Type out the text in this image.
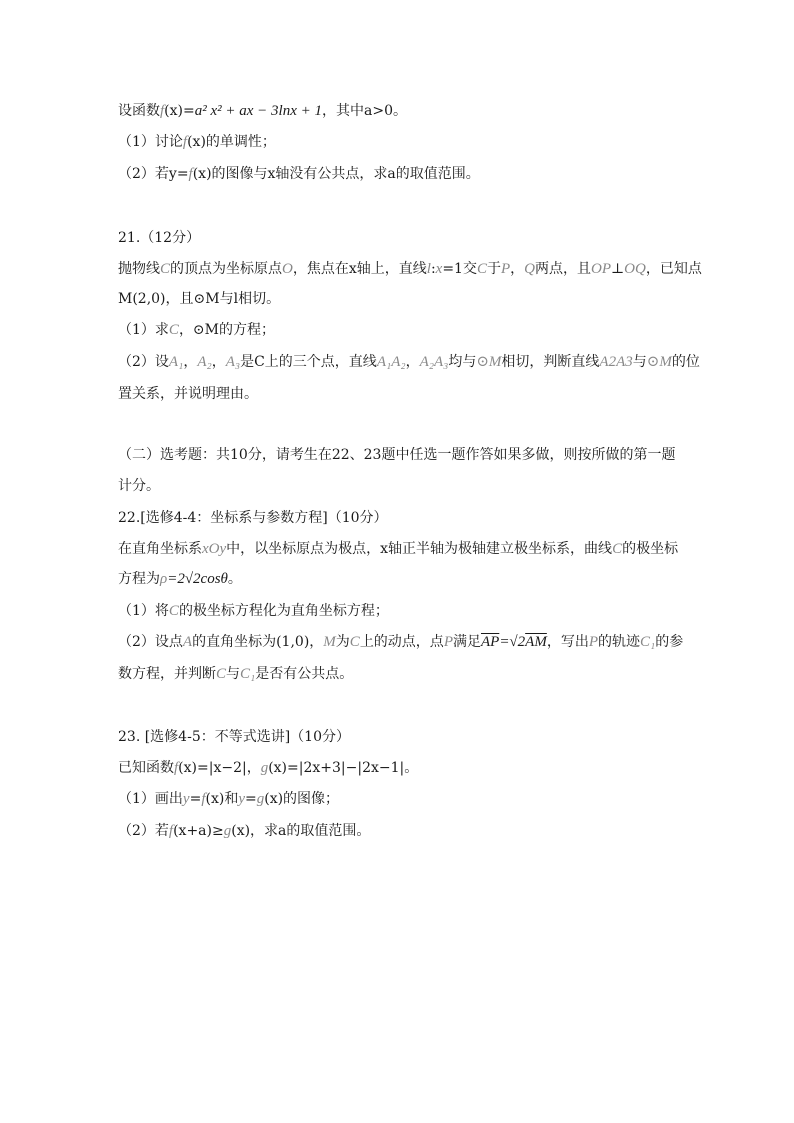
设函数f(x)=a² x² + ax − 3lnx + 1，其中a>0。
（1）讨论f(x)的单调性；
（2）若y=f(x)的图像与x轴没有公共点，求a的取值范围。
21.（12分）
抛物线C的顶点为坐标原点O，焦点在x轴上，直线l:x=1交C于P，Q两点，且OP⊥OQ，已知点
M(2,0)，且⊙M与l相切。
（1）求C，⊙M的方程；
（2）设A₁，A₂，A₃是C上的三个点，直线A₁A₂，A₂A₃均与⊙M相切，判断直线A2A3与⊙M的位
置关系，并说明理由。
（二）选考题：共10分，请考生在22、23题中任选一题作答如果多做，则按所做的第一题
计分。
22.[选修4-4：坐标系与参数方程]（10分）
在直角坐标系xOy中，以坐标原点为极点，x轴正半轴为极轴建立极坐标系，曲线C的极坐标
方程为ρ=2√2cosθ。
（1）将C的极坐标方程化为直角坐标方程；
（2）设点A的直角坐标为(1,0)，M为C上的动点，点P满足$\overline{AP}=√2\overline{AM}$，写出P的轨迹C₁的参
数方程，并判断C与C₁是否有公共点。
23. [选修4-5：不等式选讲]（10分）
已知函数f(x)=|x−2|，g(x)=|2x+3|−|2x−1|。
（1）画出y=f(x)和y=g(x)的图像；
（2）若f(x+a)≥g(x)，求a的取值范围。
